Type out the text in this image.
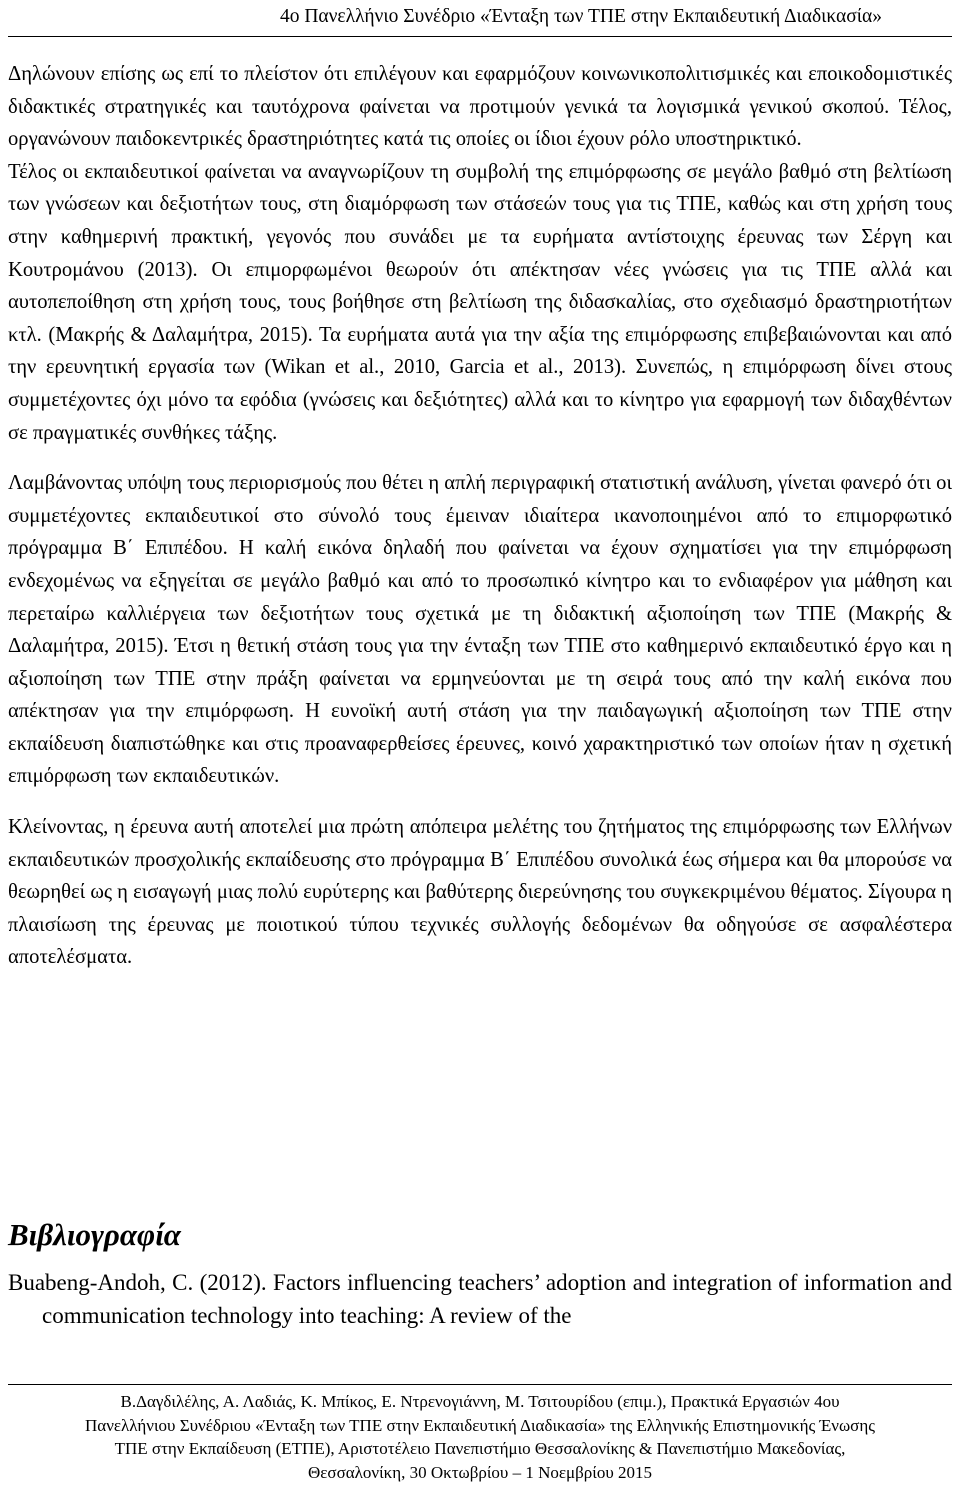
4ο Πανελλήνιο Συνέδριο «Ένταξη των ΤΠΕ στην Εκπαιδευτική Διαδικασία»

Δηλώνουν επίσης ως επί το πλείστον ότι επιλέγουν και εφαρμόζουν κοινωνικοπολιτισμικές και εποικοδομιστικές διδακτικές στρατηγικές και ταυτόχρονα φαίνεται να προτιμούν γενικά τα λογισμικά γενικού σκοπού. Τέλος, οργανώνουν παιδοκεντρικές δραστηριότητες κατά τις οποίες οι ίδιοι έχουν ρόλο υποστηρικτικό.

Τέλος οι εκπαιδευτικοί φαίνεται να αναγνωρίζουν τη συμβολή της επιμόρφωσης σε μεγάλο βαθμό στη βελτίωση των γνώσεων και δεξιοτήτων τους, στη διαμόρφωση των στάσεών τους για τις ΤΠΕ, καθώς και στη χρήση τους στην καθημερινή πρακτική, γεγονός που συνάδει με τα ευρήματα αντίστοιχης έρευνας των Σέργη και Κουτρομάνου (2013). Οι επιμορφωμένοι θεωρούν ότι απέκτησαν νέες γνώσεις για τις ΤΠΕ αλλά και αυτοπεποίθηση στη χρήση τους, τους βοήθησε στη βελτίωση της διδασκαλίας, στο σχεδιασμό δραστηριοτήτων κτλ. (Μακρής & Δαλαμήτρα, 2015). Τα ευρήματα αυτά για την αξία της επιμόρφωσης επιβεβαιώνονται και από την ερευνητική εργασία των (Wikan et al., 2010, Garcia et al., 2013). Συνεπώς, η επιμόρφωση δίνει στους συμμετέχοντες όχι μόνο τα εφόδια (γνώσεις και δεξιότητες) αλλά και το κίνητρο για εφαρμογή των διδαχθέντων σε πραγματικές συνθήκες τάξης.

Λαμβάνοντας υπόψη τους περιορισμούς που θέτει η απλή περιγραφική στατιστική ανάλυση, γίνεται φανερό ότι οι συμμετέχοντες εκπαιδευτικοί στο σύνολό τους έμειναν ιδιαίτερα ικανοποιημένοι από το επιμορφωτικό πρόγραμμα Β΄ Επιπέδου. Η καλή εικόνα δηλαδή που φαίνεται να έχουν σχηματίσει για την επιμόρφωση ενδεχομένως να εξηγείται σε μεγάλο βαθμό και από το προσωπικό κίνητρο και το ενδιαφέρον για μάθηση και περεταίρω καλλιέργεια των δεξιοτήτων τους σχετικά με τη διδακτική αξιοποίηση των ΤΠΕ (Μακρής & Δαλαμήτρα, 2015). Έτσι η θετική στάση τους για την ένταξη των ΤΠΕ στο καθημερινό εκπαιδευτικό έργο και η αξιοποίηση των ΤΠΕ στην πράξη φαίνεται να ερμηνεύονται με τη σειρά τους από την καλή εικόνα που απέκτησαν για την επιμόρφωση. Η ευνοϊκή αυτή στάση για την παιδαγωγική αξιοποίηση των ΤΠΕ στην εκπαίδευση διαπιστώθηκε και στις προαναφερθείσες έρευνες, κοινό χαρακτηριστικό των οποίων ήταν η σχετική επιμόρφωση των εκπαιδευτικών.

Κλείνοντας, η έρευνα αυτή αποτελεί μια πρώτη απόπειρα μελέτης του ζητήματος της επιμόρφωσης των Ελλήνων εκπαιδευτικών προσχολικής εκπαίδευσης στο πρόγραμμα Β΄ Επιπέδου συνολικά έως σήμερα και θα μπορούσε να θεωρηθεί ως η εισαγωγή μιας πολύ ευρύτερης και βαθύτερης διερεύνησης του συγκεκριμένου θέματος. Σίγουρα η πλαισίωση της έρευνας με ποιοτικού τύπου τεχνικές συλλογής δεδομένων θα οδηγούσε σε ασφαλέστερα αποτελέσματα.

Βιβλιογραφία

Buabeng-Andoh, C. (2012). Factors influencing teachers’ adoption and integration of information and communication technology into teaching: A review of the

Β.Δαγδιλέλης, Α. Λαδιάς, Κ. Μπίκος, Ε. Ντρενογιάννη, Μ. Τσιτουρίδου (επιμ.), Πρακτικά Εργασιών 4ου
Πανελλήνιου Συνέδριου «Ένταξη των ΤΠΕ στην Εκπαιδευτική Διαδικασία» της Ελληνικής Επιστημονικής Ένωσης
ΤΠΕ στην Εκπαίδευση (ΕΤΠΕ), Αριστοτέλειο Πανεπιστήμιο Θεσσαλονίκης & Πανεπιστήμιο Μακεδονίας,
Θεσσαλονίκη, 30 Οκτωβρίου – 1 Νοεμβρίου 2015
